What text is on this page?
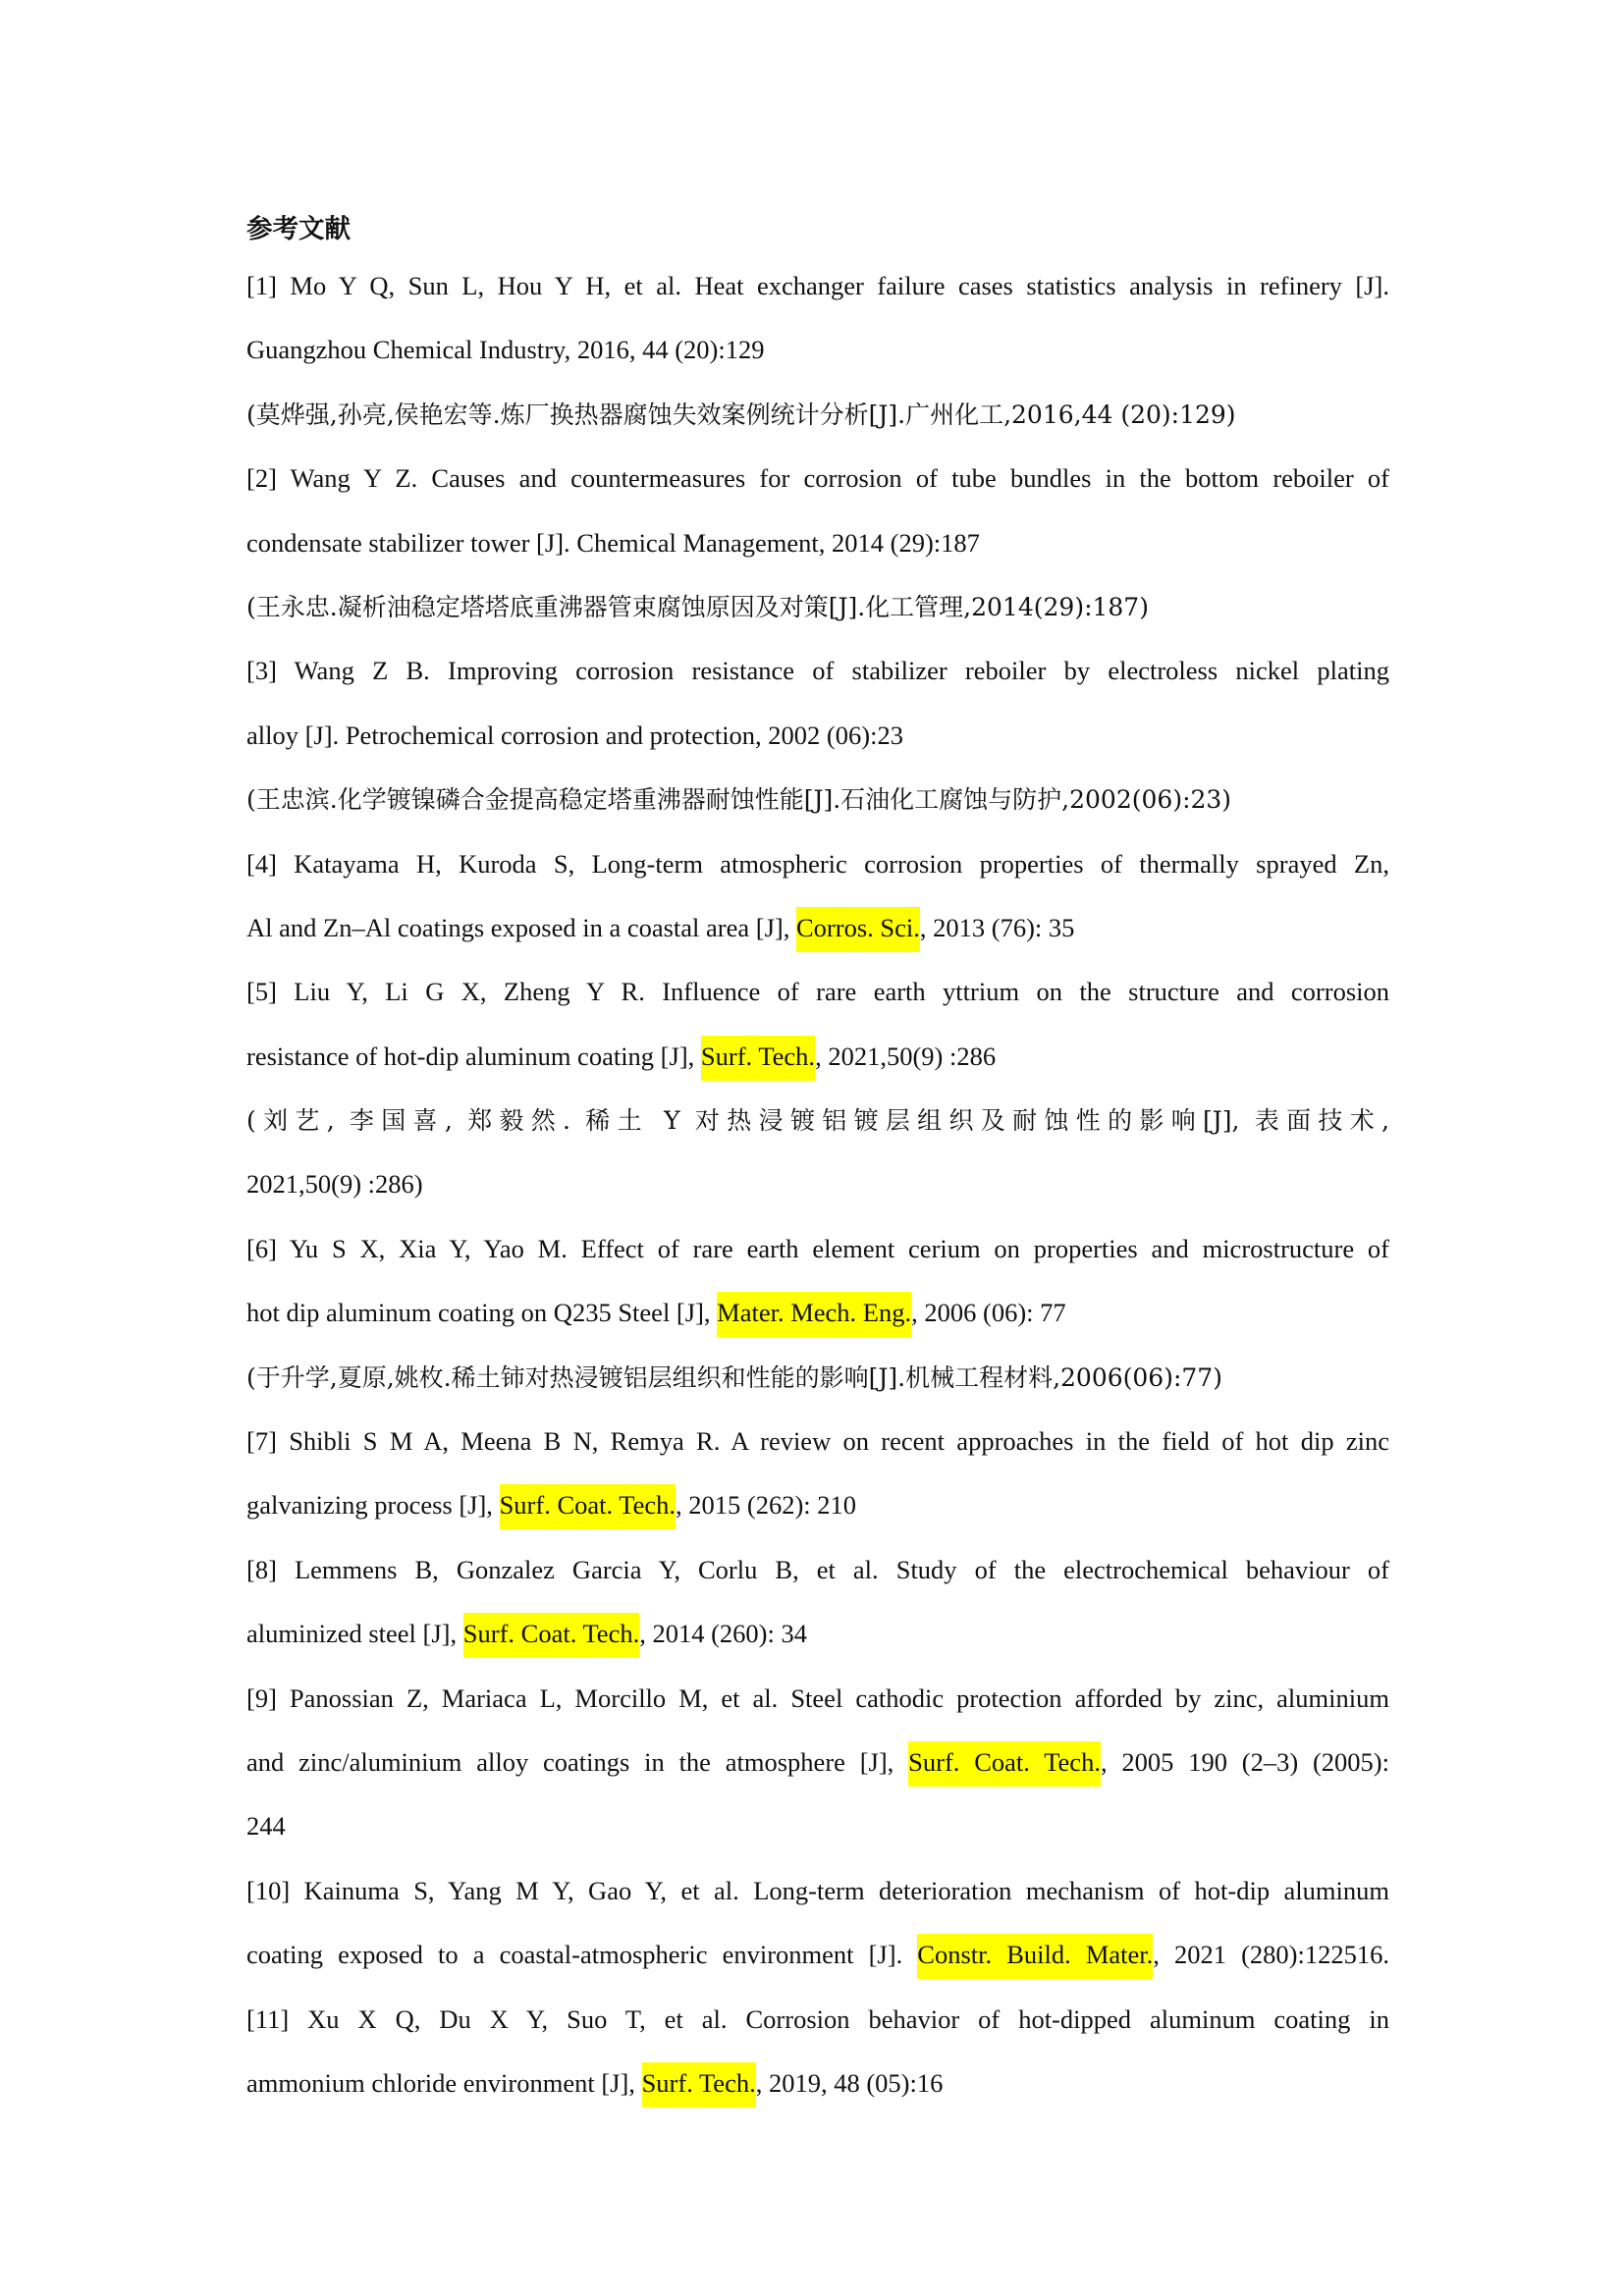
参考文献

[1] Mo Y Q, Sun L, Hou Y H, et al. Heat exchanger failure cases statistics analysis in refinery [J].

Guangzhou Chemical Industry, 2016, 44 (20):129

(莫烨强,孙亮,侯艳宏等.炼厂换热器腐蚀失效案例统计分析[J].广州化工,2016,44 (20):129)

[2] Wang Y Z. Causes and countermeasures for corrosion of tube bundles in the bottom reboiler of

condensate stabilizer tower [J]. Chemical Management, 2014 (29):187

(王永忠.凝析油稳定塔塔底重沸器管束腐蚀原因及对策[J].化工管理,2014(29):187)

[3] Wang Z B. Improving corrosion resistance of stabilizer reboiler by electroless nickel plating

alloy [J]. Petrochemical corrosion and protection, 2002 (06):23

(王忠滨.化学镀镍磷合金提高稳定塔重沸器耐蚀性能[J].石油化工腐蚀与防护,2002(06):23)

[4] Katayama H, Kuroda S, Long-term atmospheric corrosion properties of thermally sprayed Zn,

Al and Zn–Al coatings exposed in a coastal area [J], Corros. Sci., 2013 (76): 35

[5] Liu Y, Li G X, Zheng Y R. Influence of rare earth yttrium on the structure and corrosion

resistance of hot-dip aluminum coating [J], Surf. Tech., 2021,50(9) :286

(刘艺, 李国喜, 郑毅然. 稀土 Y 对热浸镀铝镀层组织及耐蚀性的影响[J], 表面技术,

2021,50(9) :286)

[6] Yu S X, Xia Y, Yao M. Effect of rare earth element cerium on properties and microstructure of

hot dip aluminum coating on Q235 Steel [J], Mater. Mech. Eng., 2006 (06): 77

(于升学,夏原,姚枚.稀土铈对热浸镀铝层组织和性能的影响[J].机械工程材料,2006(06):77)

[7] Shibli S M A, Meena B N, Remya R. A review on recent approaches in the field of hot dip zinc

galvanizing process [J], Surf. Coat. Tech., 2015 (262): 210

[8] Lemmens B, Gonzalez Garcia Y, Corlu B, et al. Study of the electrochemical behaviour of

aluminized steel [J], Surf. Coat. Tech., 2014 (260): 34

[9] Panossian Z, Mariaca L, Morcillo M, et al. Steel cathodic protection afforded by zinc, aluminium

and zinc/aluminium alloy coatings in the atmosphere [J], Surf. Coat. Tech., 2005 190 (2–3) (2005):

244

[10] Kainuma S, Yang M Y, Gao Y, et al. Long-term deterioration mechanism of hot-dip aluminum

coating exposed to a coastal-atmospheric environment [J]. Constr. Build. Mater., 2021 (280):122516.

[11] Xu X Q, Du X Y, Suo T, et al. Corrosion behavior of hot-dipped aluminum coating in

ammonium chloride environment [J], Surf. Tech., 2019, 48 (05):16
